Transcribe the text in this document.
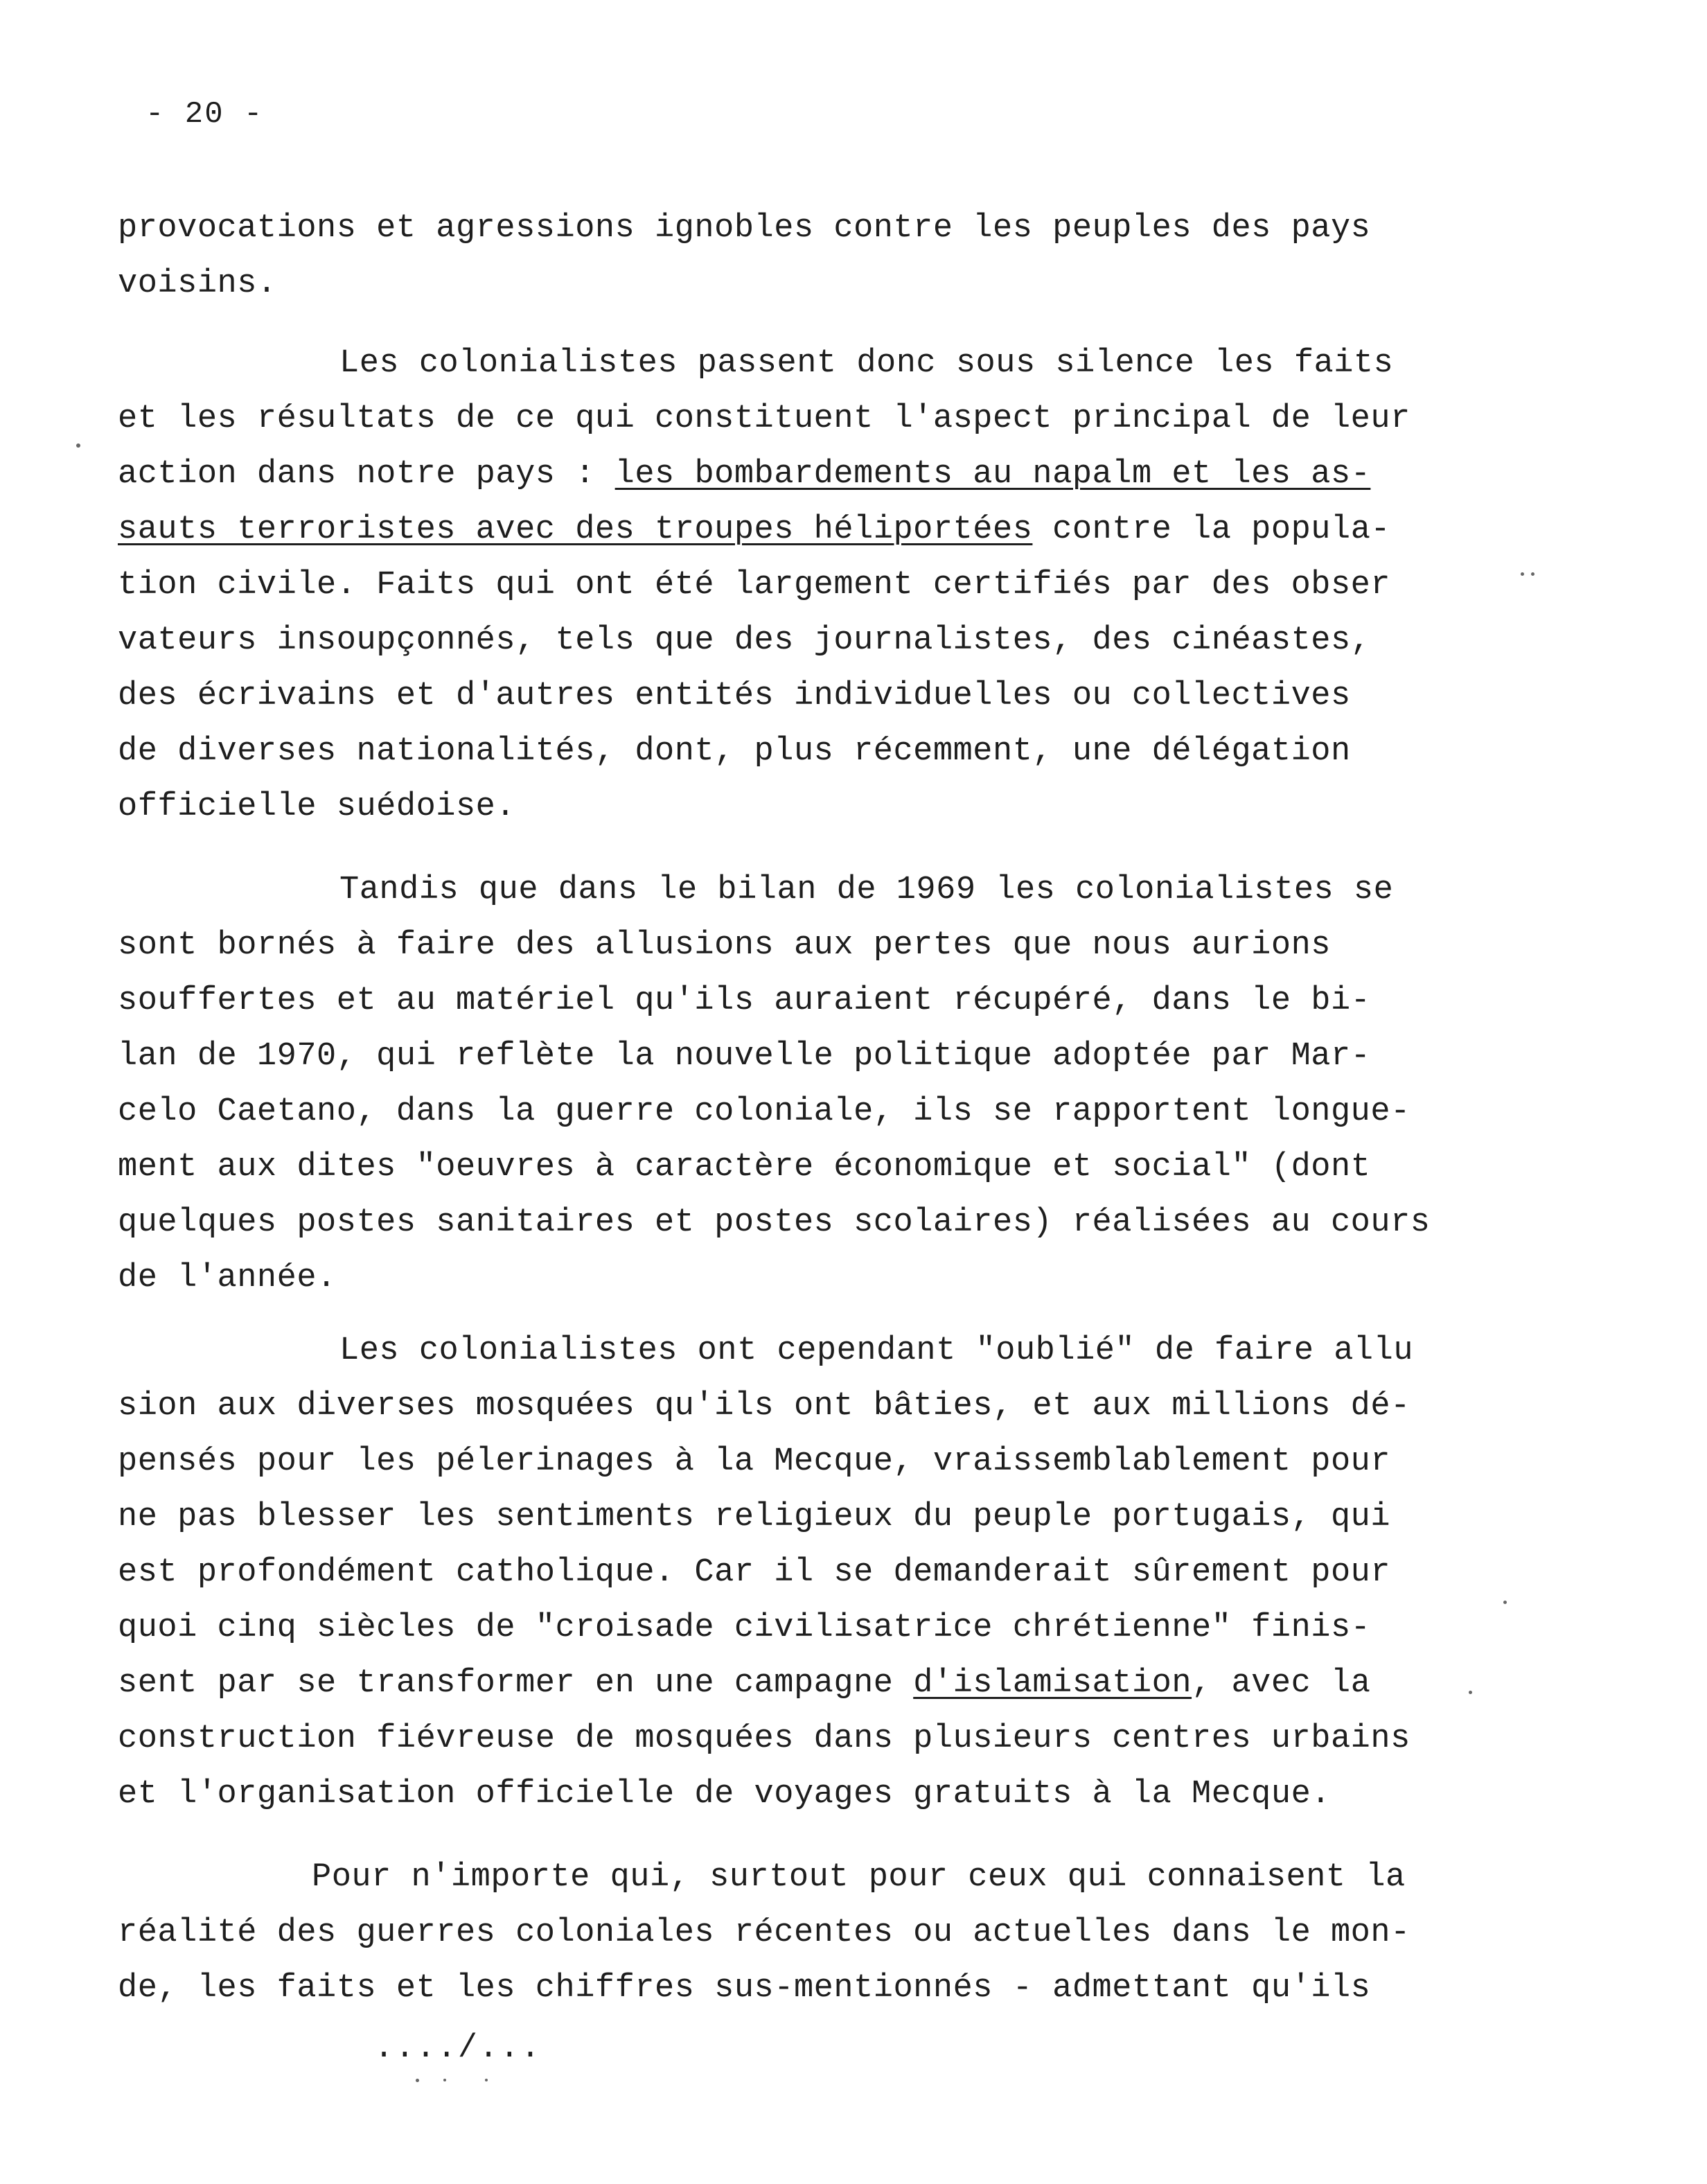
- 20 -
provocations et agressions ignobles contre les peuples des pays
voisins.
Les colonialistes passent donc sous silence les faits
et les résultats de ce qui constituent l'aspect principal de leur
action dans notre pays : les bombardements au napalm et les as-
sauts terroristes avec des troupes héliportées contre la popula-
tion civile. Faits qui ont été largement certifiés par des obser
vateurs insoupçonnés, tels que des journalistes, des cinéastes,
des écrivains et d'autres entités individuelles ou collectives
de diverses nationalités, dont, plus récemment, une délégation
officielle suédoise.
Tandis que dans le bilan de 1969 les colonialistes se
sont bornés à faire des allusions aux pertes que nous aurions
souffertes et au matériel qu'ils auraient récupéré, dans le bi-
lan de 1970, qui reflète la nouvelle politique adoptée par Mar-
celo Caetano, dans la guerre coloniale, ils se rapportent longue-
ment aux dites "oeuvres à caractère économique et social" (dont
quelques postes sanitaires et postes scolaires) réalisées au cours
de l'année.
Les colonialistes ont cependant "oublié" de faire allu
sion aux diverses mosquées qu'ils ont bâties, et aux millions dé-
pensés pour les pélerinages à la Mecque, vraissemblablement pour
ne pas blesser les sentiments religieux du peuple portugais, qui
est profondément catholique. Car il se demanderait sûrement pour
quoi cinq siècles de "croisade civilisatrice chrétienne" finis-
sent par se transformer en une campagne d'islamisation, avec la
construction fiévreuse de mosquées dans plusieurs centres urbains
et l'organisation officielle de voyages gratuits à la Mecque.
Pour n'importe qui, surtout pour ceux qui connaisent la
réalité des guerres coloniales récentes ou actuelles dans le mon-
de, les faits et les chiffres sus-mentionnés - admettant qu'ils
..../...
